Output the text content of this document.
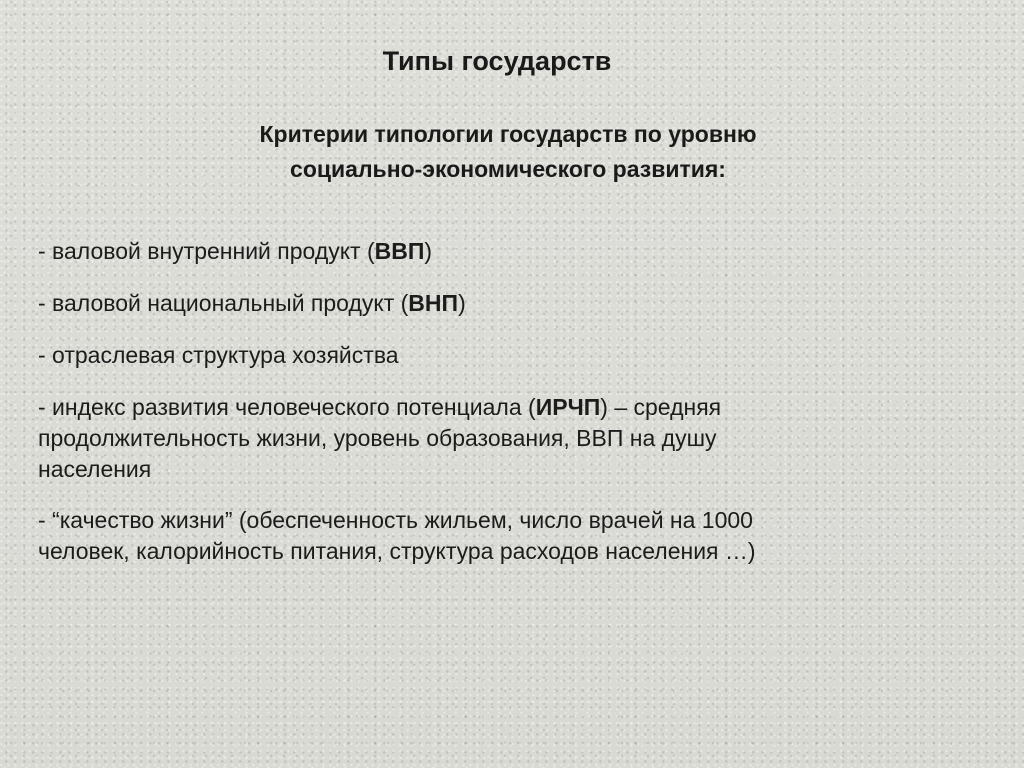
Типы государств
Критерии типологии государств по уровню
социально-экономического развития:
- валовой внутренний продукт (ВВП)
- валовой национальный продукт (ВНП)
- отраслевая структура хозяйства
- индекс развития человеческого потенциала (ИРЧП) – средняя
продолжительность жизни, уровень образования, ВВП на душу
населения
- “качество жизни” (обеспеченность жильем, число врачей на 1000
человек, калорийность питания, структура расходов населения …)
